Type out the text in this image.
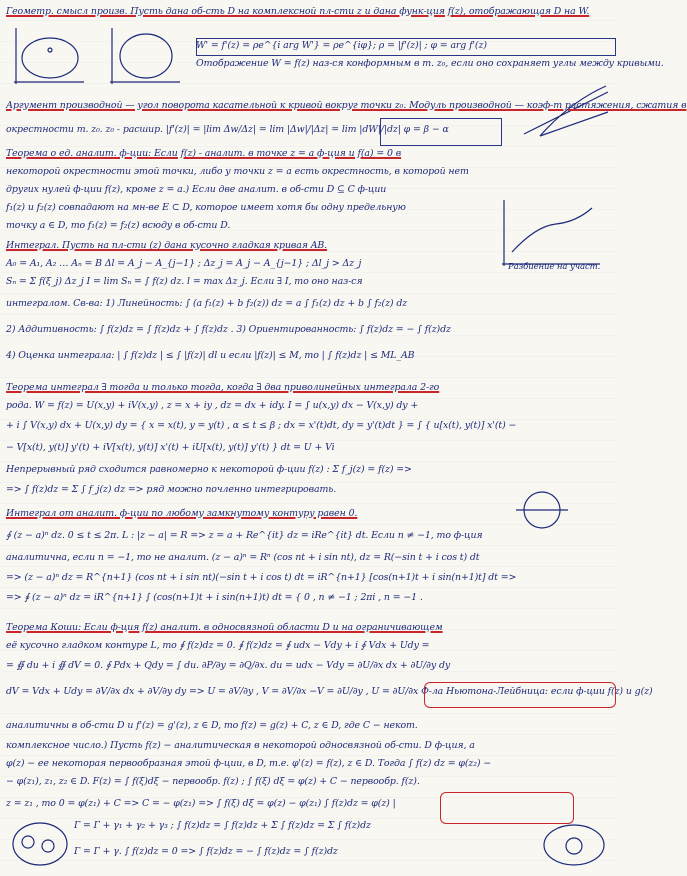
Геометр. смысл произв. Пусть дана об-сть D на комплексной пл-сти z и дана функ-ция f(z), отображающая D на W.
W' = f'(z) = ρe^{i arg W'} = ρe^{iφ}; ρ = |f'(z)| ; φ = arg f'(z)
Отображение W = f(z) наз-ся конформным в т. z₀, если оно сохраняет углы между кривыми.
Аргумент производной — угол поворота касательной к кривой вокруг точки z₀. Модуль производной — коэф-т растяжения, сжатия в
окрестности т. z₀. z₀ - расшир. |f'(z)| = |lim Δw/Δz| = lim |Δw|/|Δz| = lim |dW|/|dz| φ = β − α
Теорема о ед. аналит. ф-ции: Если f(z) - аналит. в точке z = a ф-ция и f(a) = 0 в
некоторой окрестности этой точки, либо у точки z = a есть окрестность, в которой нет
других нулей ф-ции f(z), кроме z = a.) Если две аналит. в об-сти D ⊆ C ф-ции
f₁(z) и f₂(z) совпадают на мн-ве E ⊂ D, которое имеет хотя бы одну предельную
точку a ∈ D, то f₁(z) = f₂(z) всюду в об-сти D.
Интеграл. Пусть на пл-сти (z) дана кусочно гладкая кривая AB.
A₀ = A₁, A₂ … Aₙ = B Δl = A_j − A_{j−1} ; Δz_j = A_j − A_{j−1} ; Δl_j > Δz_j
Sₙ = Σ f(ξ_j) Δz_j I = lim Sₙ = ∫ f(z) dz. l = max Δz_j. Если ∃ I, то оно наз-ся
интегралом. Св-ва: 1) Линейность: ∫ (a f₁(z) + b f₂(z)) dz = a ∫ f₁(z) dz + b ∫ f₂(z) dz
2) Аддитивность: ∫ f(z)dz = ∫ f(z)dz + ∫ f(z)dz . 3) Ориентированность: ∫ f(z)dz = − ∫ f(z)dz
4) Оценка интеграла: | ∫ f(z)dz | ≤ ∫ |f(z)| dl и если |f(z)| ≤ M, то | ∫ f(z)dz | ≤ ML_AB
Теорема интеграл ∃ тогда и только тогда, когда ∃ два приволинейных интеграла 2-го
рода. W = f(z) = U(x,y) + iV(x,y) , z = x + iy , dz = dx + idy. I = ∫ u(x,y) dx − V(x,y) dy +
+ i ∫ V(x,y) dx + U(x,y) dy = { x = x(t), y = y(t) , α ≤ t ≤ β ; dx = x'(t)dt, dy = y'(t)dt } = ∫ { u[x(t), y(t)] x'(t) −
− V[x(t), y(t)] y'(t) + iV[x(t), y(t)] x'(t) + iU[x(t), y(t)] y'(t) } dt = U + Vi
Непрерывный ряд сходится равномерно к некоторой ф-ции f(z) : Σ f_j(z) = f(z) =>
=> ∫ f(z)dz = Σ ∫ f_j(z) dz => ряд можно почленно интегрировать.
Интеграл от аналит. ф-ции по любому замкнутому контуру равен 0.
∮ (z − a)ⁿ dz. 0 ≤ t ≤ 2π. L : |z − a| = R => z = a + Re^{it} dz = iRe^{it} dt. Если n ≠ −1, то ф-ция
аналитична, если n = −1, то не аналит. (z − a)ⁿ = Rⁿ (cos nt + i sin nt), dz = R(−sin t + i cos t) dt
=> (z − a)ⁿ dz = R^{n+1} (cos nt + i sin nt)(−sin t + i cos t) dt = iR^{n+1} [cos(n+1)t + i sin(n+1)t] dt =>
=> ∮ (z − a)ⁿ dz = iR^{n+1} ∫ (cos(n+1)t + i sin(n+1)t) dt = { 0 , n ≠ −1 ; 2πi , n = −1 .
Теорема Коши: Если ф-ция f(z) аналит. в односвязной области D и на ограничивающем
её кусочно гладком контуре L, то ∮ f(z)dz = 0. ∮ f(z)dz = ∮ udx − Vdy + i ∮ Vdx + Udy =
= ∯ du + i ∯ dV = 0. ∮ Pdx + Qdy = ∫ du. ∂P/∂y = ∂Q/∂x. du = udx − Vdy = ∂U/∂x dx + ∂U/∂y dy
dV = Vdx + Udy = ∂V/∂x dx + ∂V/∂y dy => U = ∂V/∂y , V = ∂V/∂x −V = ∂U/∂y , U = ∂U/∂x Ф-ла Ньютона-Лейбница: если ф-ции f(z) и g(z)
аналитичны в об-сти D и f'(z) = g'(z), z ∈ D, то f(z) = g(z) + C, z ∈ D, где C − некот.
комплексное число.) Пусть f(z) − аналитическая в некоторой односвязной об-сти. D ф-ция, а
φ(z) − ее некоторая первообразная этой ф-ции, в D, т.е. φ'(z) = f(z), z ∈ D. Тогда ∫ f(z) dz = φ(z₂) −
− φ(z₁), z₁, z₂ ∈ D. F(z) = ∫ f(ξ)dξ − первообр. f(z) ; ∫ f(ξ) dξ = φ(z) + C − первообр. f(z).
z = z₁ , то 0 = φ(z₁) + C => C = − φ(z₁) => ∫ f(ξ) dξ = φ(z) − φ(z₁) ∫ f(z)dz = φ(z) |
Г = Г + γ₁ + γ₂ + γ₃ ; ∫ f(z)dz = ∫ f(z)dz + Σ ∫ f(z)dz = Σ ∫ f(z)dz
Г = Г + γ. ∫ f(z)dz = 0 => ∫ f(z)dz = − ∫ f(z)dz = ∫ f(z)dz
Разбиение на участ.
